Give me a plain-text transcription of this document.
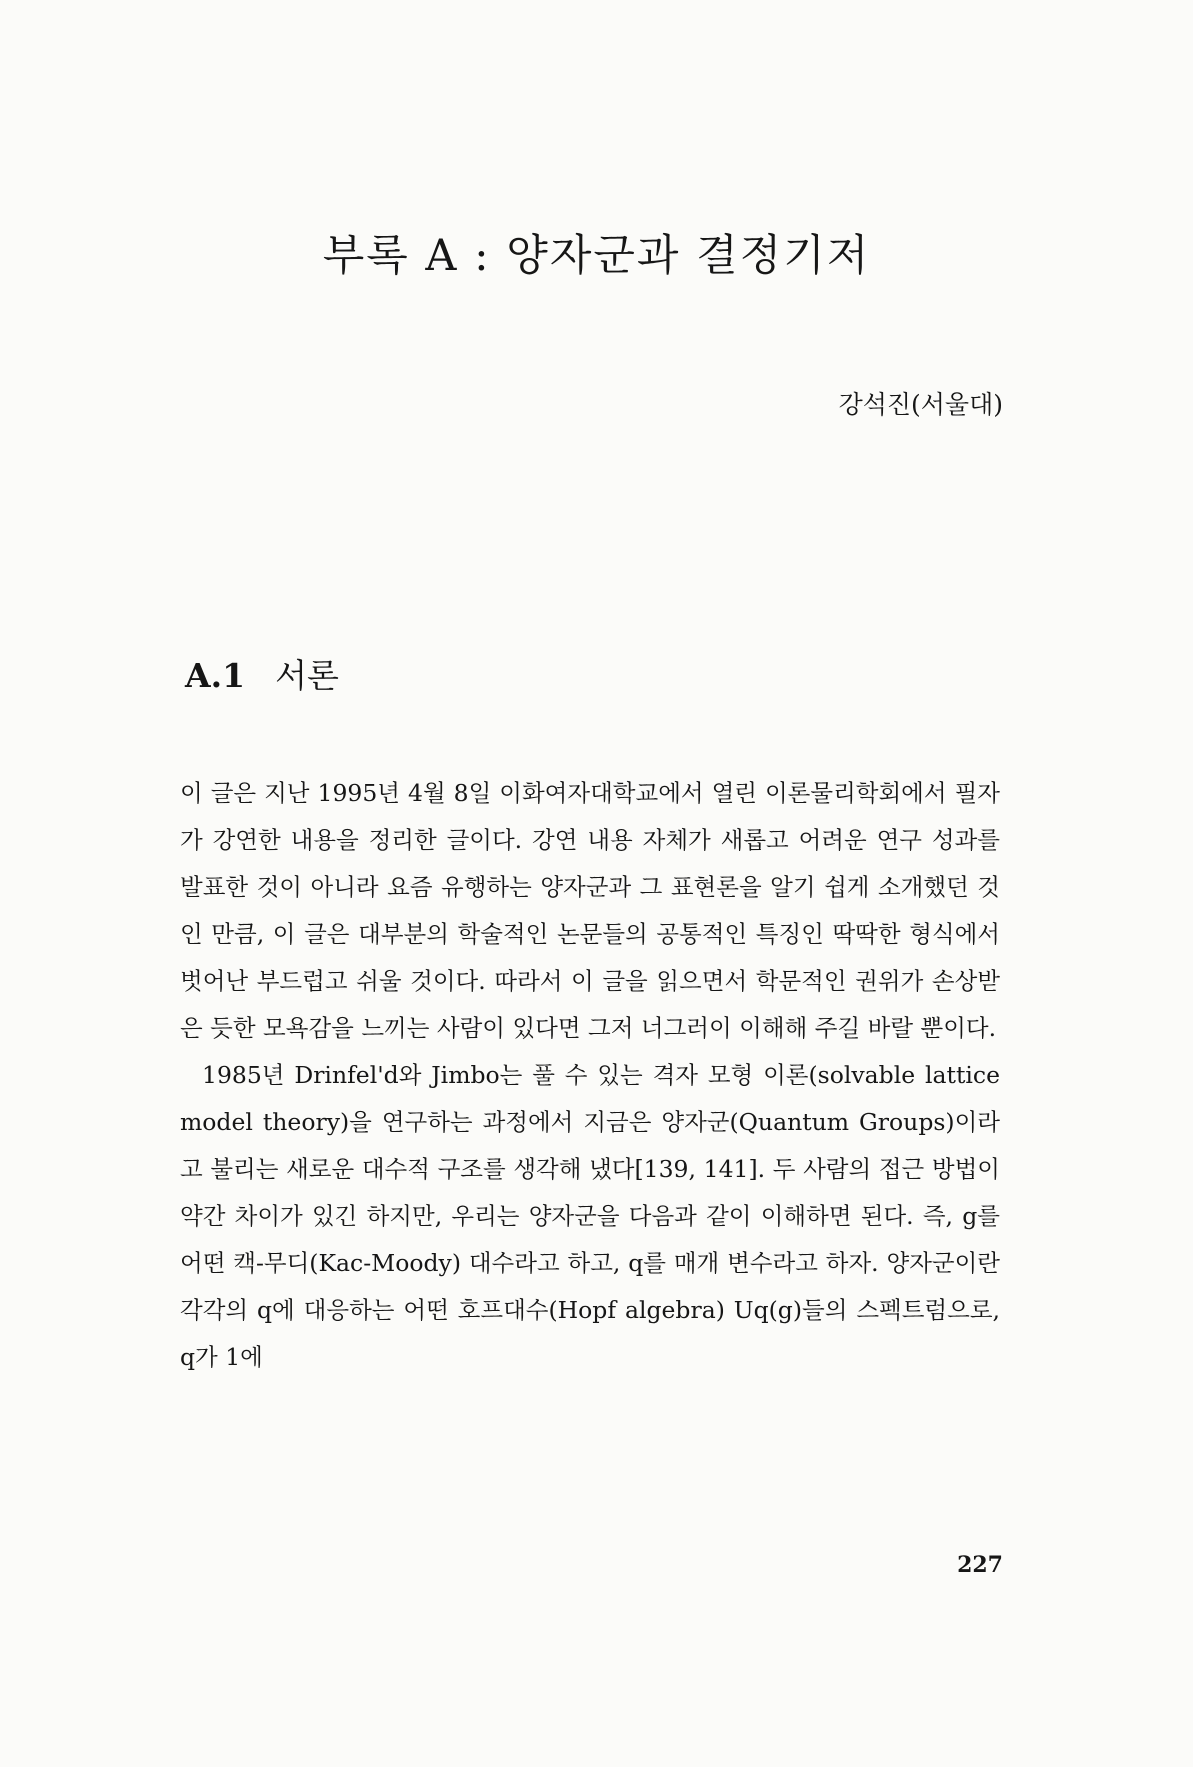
부록 A : 양자군과 결정기저
강석진(서울대)
A.1 서론

이 글은 지난 1995년 4월 8일 이화여자대학교에서 열린 이론물리학회에서 필자가 강연한 내용을 정리한 글이다. 강연 내용 자체가 새롭고 어려운 연구 성과를 발표한 것이 아니라 요즘 유행하는 양자군과 그 표현론을 알기 쉽게 소개했던 것인 만큼, 이 글은 대부분의 학술적인 논문들의 공통적인 특징인 딱딱한 형식에서 벗어난 부드럽고 쉬울 것이다. 따라서 이 글을 읽으면서 학문적인 권위가 손상받은 듯한 모욕감을 느끼는 사람이 있다면 그저 너그러이 이해해 주길 바랄 뿐이다.

1985년 Drinfel'd와 Jimbo는 풀 수 있는 격자 모형 이론(solvable lattice model theory)을 연구하는 과정에서 지금은 양자군(Quantum Groups)이라고 불리는 새로운 대수적 구조를 생각해 냈다[139, 141]. 두 사람의 접근 방법이 약간 차이가 있긴 하지만, 우리는 양자군을 다음과 같이 이해하면 된다. 즉, g를 어떤 캑-무디(Kac-Moody) 대수라고 하고, q를 매개 변수라고 하자. 양자군이란 각각의 q에 대응하는 어떤 호프대수(Hopf algebra) Uq(g)들의 스펙트럼으로, q가 1에

227
